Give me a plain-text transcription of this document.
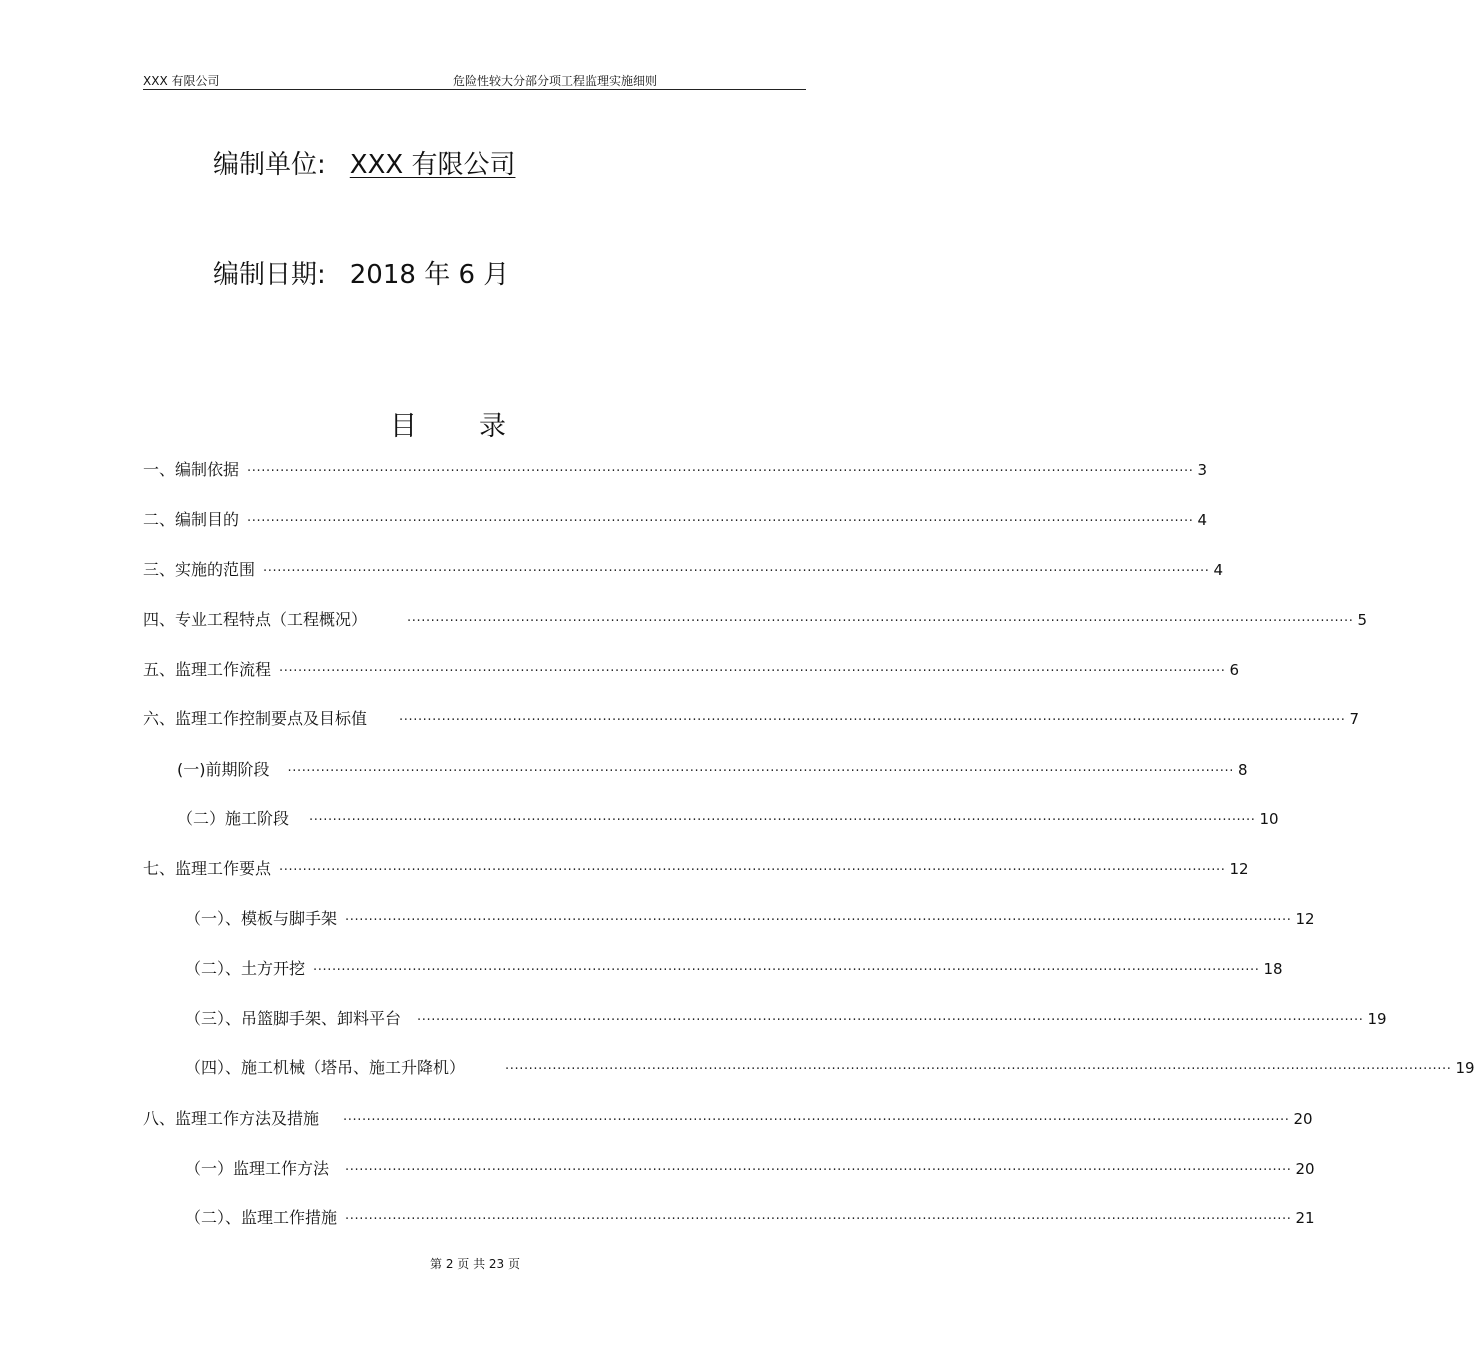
XXX 有限公司	危险性较大分部分项工程监理实施细则
编制单位: XXX 有限公司
编制日期: 2018 年 6 月
目 录
一、编制依据 ········································································································································································································ 3
二、编制目的 ········································································································································································································ 4
三、实施的范围 ········································································································································································································ 4
四、专业工程特点（工程概况）	········································································································································································································ 5
五、监理工作流程 ········································································································································································································ 6
六、监理工作控制要点及目标值 ········································································································································································································ 7
(一)前期阶段 ········································································································································································································ 8
（二）施工阶段 ········································································································································································································ 10
七、监理工作要点 ········································································································································································································ 12
（一）、模板与脚手架 ········································································································································································································ 12
（二）、土方开挖 ········································································································································································································ 18
（三）、吊篮脚手架、卸料平台 ········································································································································································································ 19
（四）、施工机械（塔吊、施工升降机）	········································································································································································································ 19
八、监理工作方法及措施 ········································································································································································································ 20
（一）监理工作方法 ········································································································································································································ 20
（二）、监理工作措施 ········································································································································································································ 21
第 2 页 共 23 页
